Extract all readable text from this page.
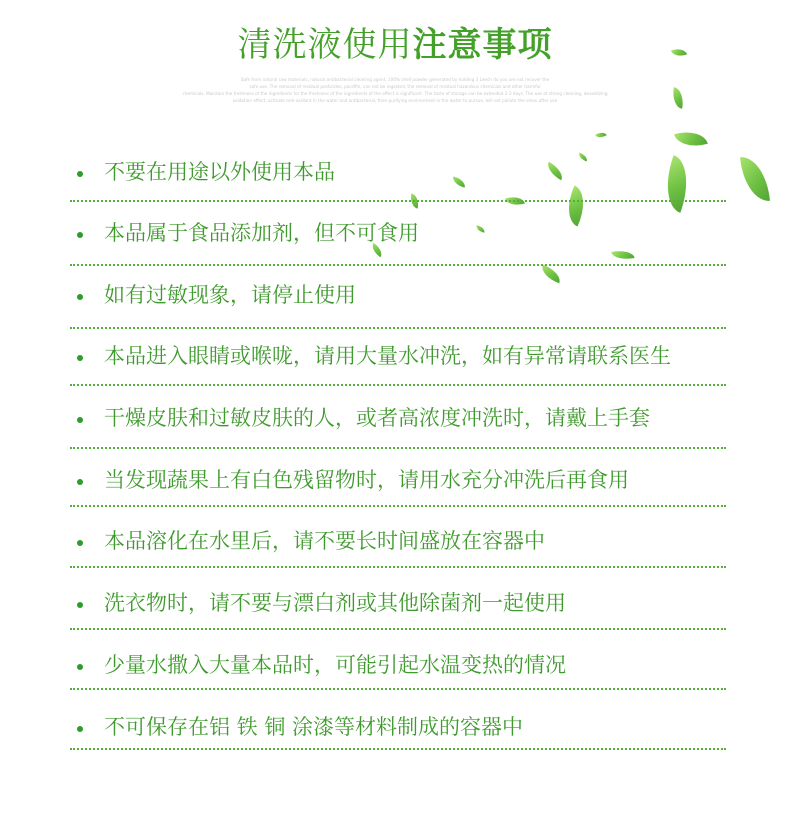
清洗液使用注意事项
Safe from natural raw materials, natural antibacterial cleaning agent, 100% shell powder generated by holding 3 Leech do you are not recover the
safe use. The removal of residual pesticides, paraffin, can not be ingested, the removal of residual hazardous chemicals and other harmful
chemicals. Maintain the freshness of the ingredients for the freshness of the ingredients of the effect is significant. The taste of storage can be extended 2-3 days. The use of strong cleaning, deoxidizing
oxidation effect, activate anti-oxidant in the water and antibacterial, then purifying environment in the water to pursue, will not pollute the clean after use
不要在用途以外使用本品
本品属于食品添加剂，但不可食用
如有过敏现象，请停止使用
本品进入眼睛或喉咙，请用大量水冲洗，如有异常请联系医生
干燥皮肤和过敏皮肤的人，或者高浓度冲洗时，请戴上手套
当发现蔬果上有白色残留物时，请用水充分冲洗后再食用
本品溶化在水里后，请不要长时间盛放在容器中
洗衣物时，请不要与漂白剂或其他除菌剂一起使用
少量水撒入大量本品时，可能引起水温变热的情况
不可保存在铝 铁 铜 涂漆等材料制成的容器中
